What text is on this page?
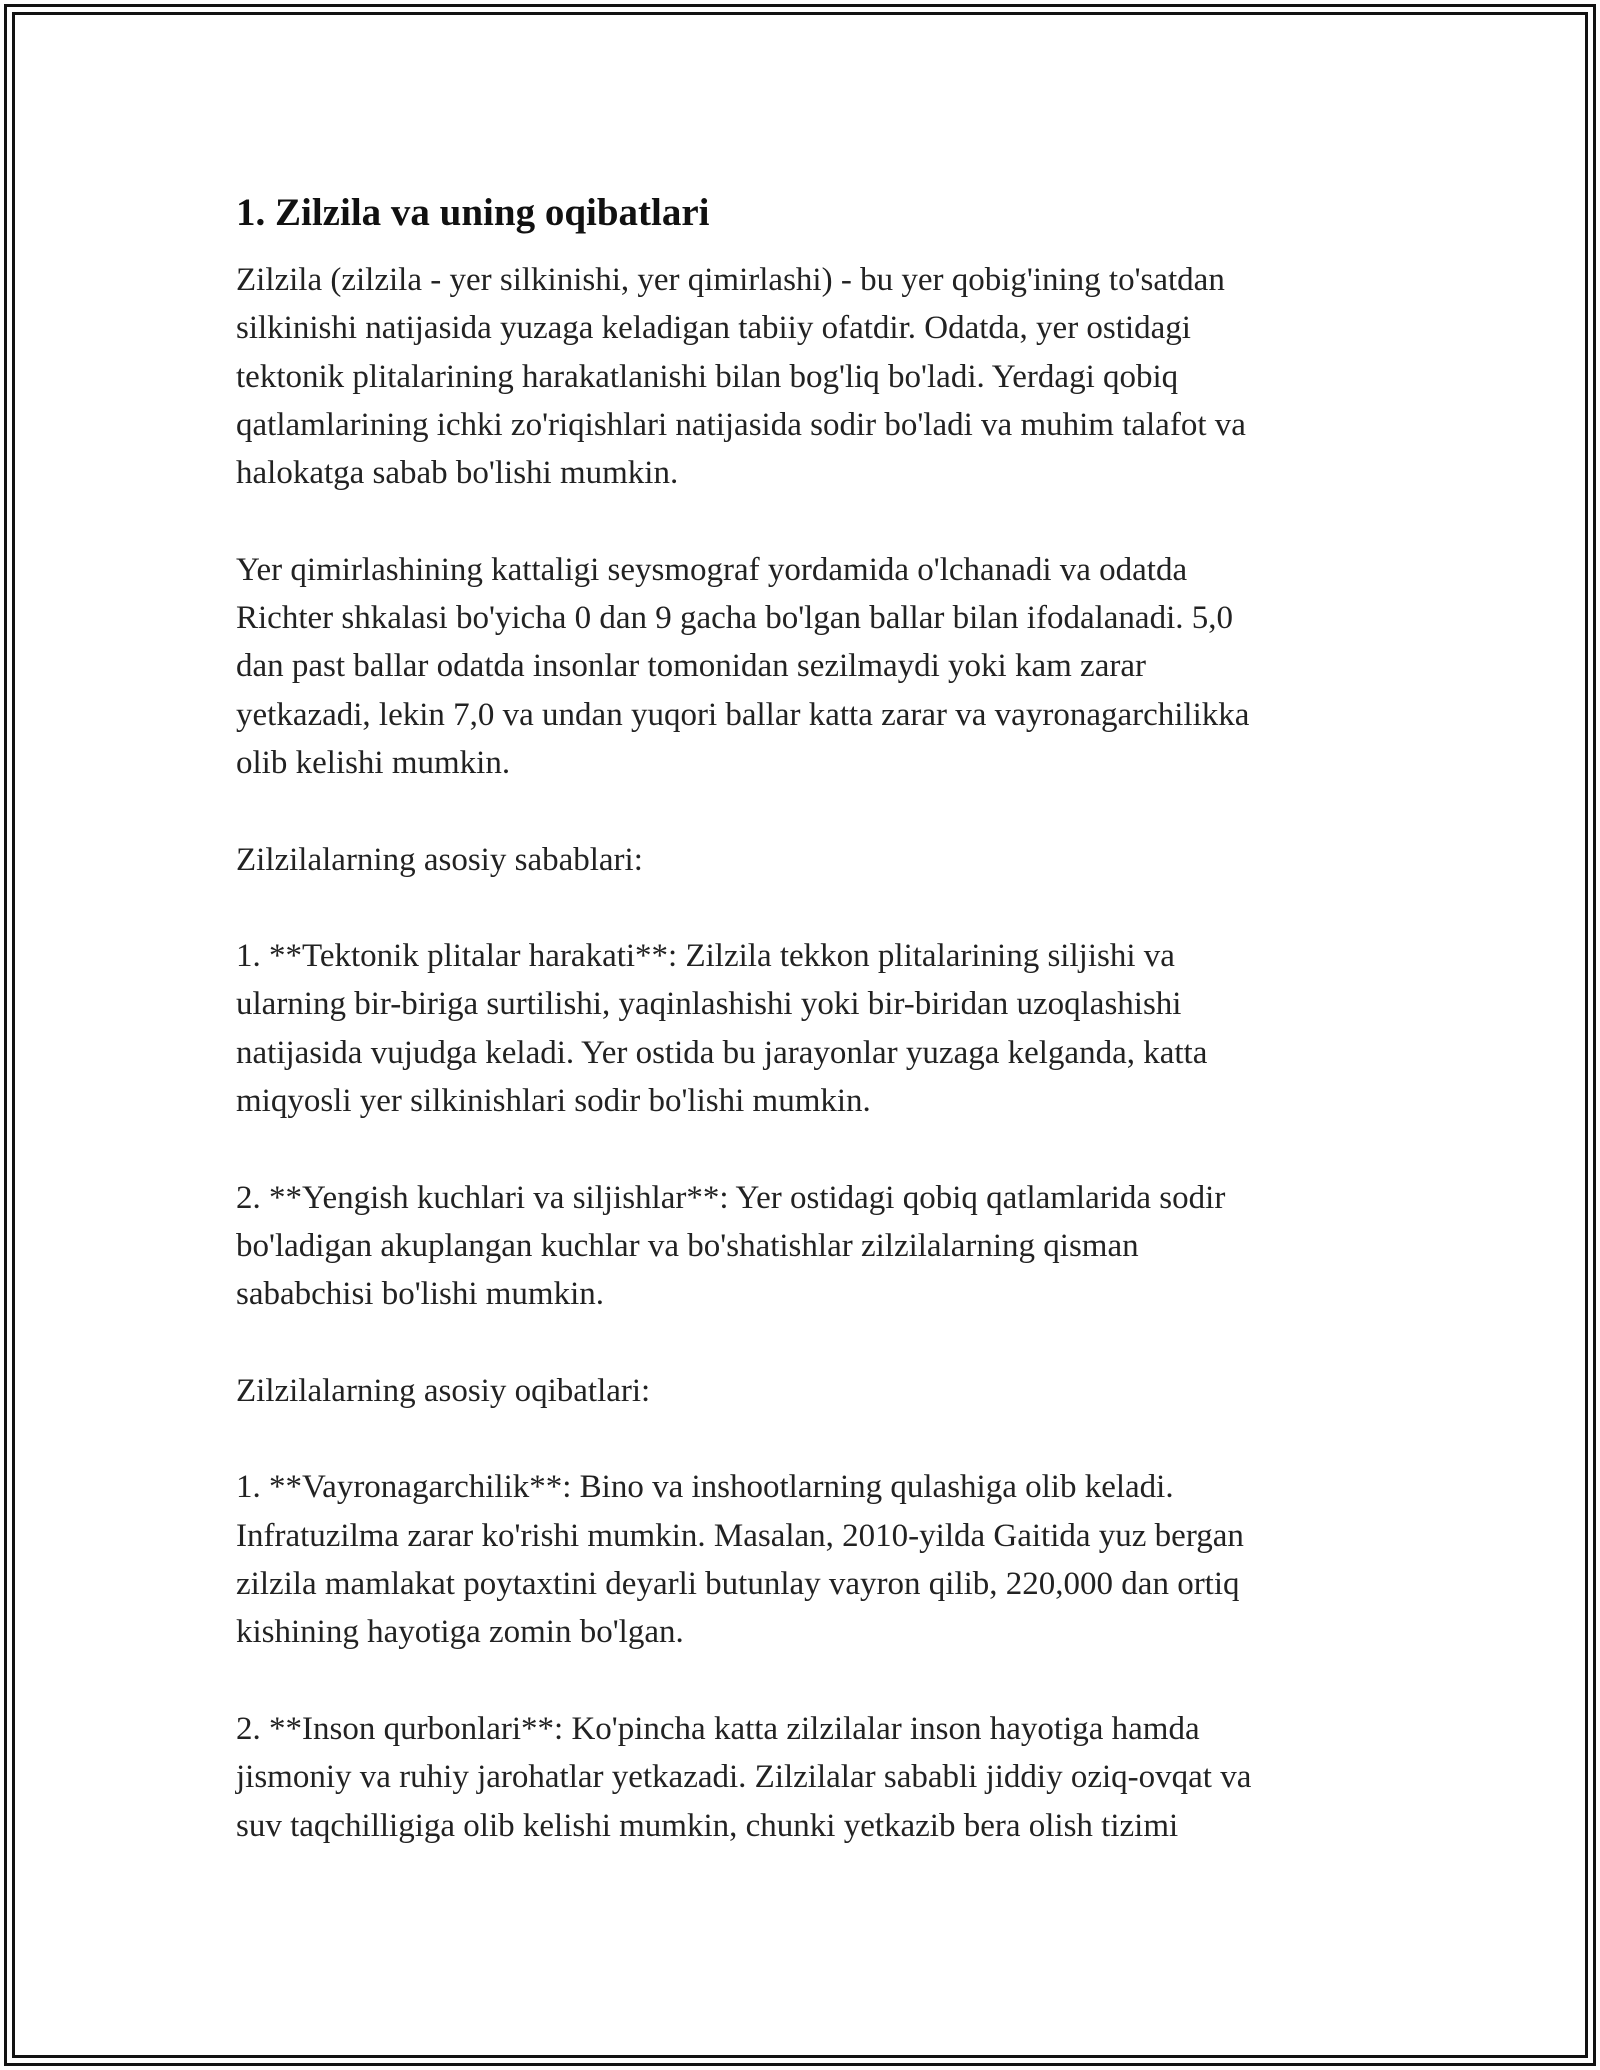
1. Zilzila va uning oqibatlari

Zilzila (zilzila - yer silkinishi, yer qimirlashi) - bu yer qobig'ining to'satdan
silkinishi natijasida yuzaga keladigan tabiiy ofatdir. Odatda, yer ostidagi
tektonik plitalarining harakatlanishi bilan bog'liq bo'ladi. Yerdagi qobiq
qatlamlarining ichki zo'riqishlari natijasida sodir bo'ladi va muhim talafot va
halokatga sabab bo'lishi mumkin.

Yer qimirlashining kattaligi seysmograf yordamida o'lchanadi va odatda
Richter shkalasi bo'yicha 0 dan 9 gacha bo'lgan ballar bilan ifodalanadi. 5,0
dan past ballar odatda insonlar tomonidan sezilmaydi yoki kam zarar
yetkazadi, lekin 7,0 va undan yuqori ballar katta zarar va vayronagarchilikka
olib kelishi mumkin.

Zilzilalarning asosiy sabablari:

1. **Tektonik plitalar harakati**: Zilzila tekkon plitalarining siljishi va
ularning bir-biriga surtilishi, yaqinlashishi yoki bir-biridan uzoqlashishi
natijasida vujudga keladi. Yer ostida bu jarayonlar yuzaga kelganda, katta
miqyosli yer silkinishlari sodir bo'lishi mumkin.

2. **Yengish kuchlari va siljishlar**: Yer ostidagi qobiq qatlamlarida sodir
bo'ladigan akuplangan kuchlar va bo'shatishlar zilzilalarning qisman
sababchisi bo'lishi mumkin.

Zilzilalarning asosiy oqibatlari:

1. **Vayronagarchilik**: Bino va inshootlarning qulashiga olib keladi.
Infratuzilma zarar ko'rishi mumkin. Masalan, 2010-yilda Gaitida yuz bergan
zilzila mamlakat poytaxtini deyarli butunlay vayron qilib, 220,000 dan ortiq
kishining hayotiga zomin bo'lgan.

2. **Inson qurbonlari**: Ko'pincha katta zilzilalar inson hayotiga hamda
jismoniy va ruhiy jarohatlar yetkazadi. Zilzilalar sababli jiddiy oziq-ovqat va
suv taqchilligiga olib kelishi mumkin, chunki yetkazib bera olish tizimi
